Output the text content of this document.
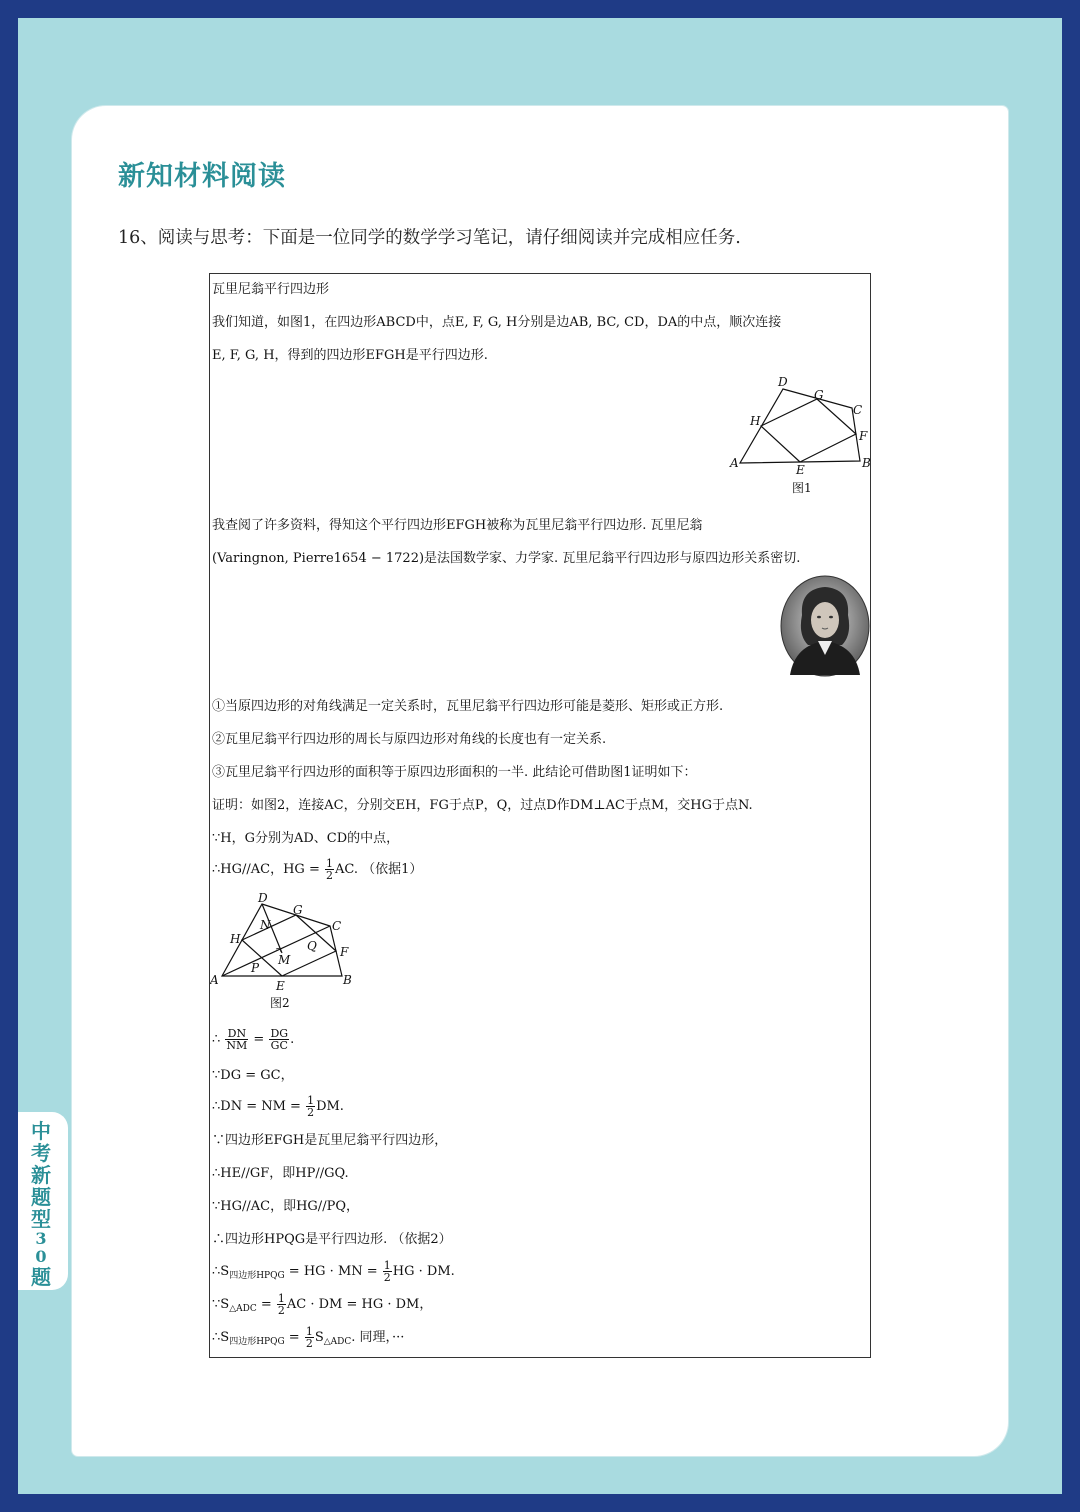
新知材料阅读
16、阅读与思考：下面是一位同学的数学学习笔记，请仔细阅读并完成相应任务.
中
考
新
题
型
3
0
题
瓦里尼翁平行四边形
我们知道，如图1，在四边形ABCD中，点E, F, G, H分别是边AB, BC, CD，DA的中点，顺次连接
E, F, G, H，得到的四边形EFGH是平行四边形.
A	B
C
D
E
F
G
H
图1
我查阅了许多资料，得知这个平行四边形EFGH被称为瓦里尼翁平行四边形. 瓦里尼翁
(Varingnon, Pierre1654 − 1722)是法国数学家、力学家. 瓦里尼翁平行四边形与原四边形关系密切.
①当原四边形的对角线满足一定关系时，瓦里尼翁平行四边形可能是菱形、矩形或正方形.
②瓦里尼翁平行四边形的周长与原四边形对角线的长度也有一定关系.
③瓦里尼翁平行四边形的面积等于原四边形面积的一半. 此结论可借助图1证明如下：
证明：如图2，连接AC，分别交EH，FG于点P，Q，过点D作DM⊥AC于点M，交HG于点N.
∵H，G分别为AD、CD的中点，
∴HG//AC，HG = $\frac{1}{2}$ AC. （依据1）
A	B
C
D
E
F
G
H
M
N
P
Q
图2
∴ $\frac{DN}{NM} = \frac{DG}{GC}$ .
∵DG = GC，
∴DN = NM = $\frac{1}{2}$ DM.
∵四边形EFGH是瓦里尼翁平行四边形，
∴HE//GF，即HP//GQ.
∵HG//AC，即HG//PQ，
∴四边形HPQG是平行四边形. （依据2）
$\therefore S_{四边形HPQG}$ = HG · MN = $\frac{1}{2}$ HG · DM.
$\because S_{\triangle ADC} = \frac{1}{2}$ AC · DM = HG · DM，
$\therefore S_{四边形HPQG} = \frac{1}{2} S_{\triangle ADC}$. 同理，···
